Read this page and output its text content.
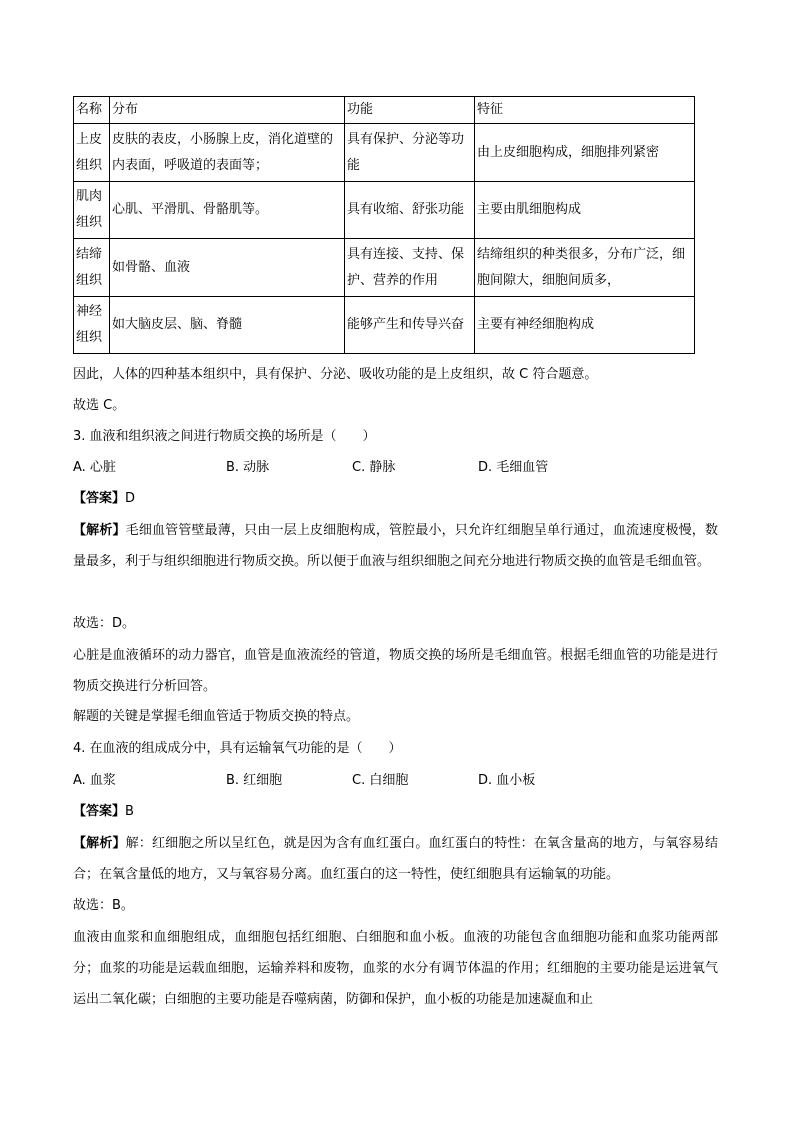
名称	分布	功能	特征
上皮组织	皮肤的表皮，小肠腺上皮，消化道壁的内表面，呼吸道的表面等；	具有保护、分泌等功能	由上皮细胞构成，细胞排列紧密
肌肉组织	心肌、平滑肌、骨骼肌等。	具有收缩、舒张功能	主要由肌细胞构成
结缔组织	如骨骼、血液	具有连接、支持、保护、营养的作用	结缔组织的种类很多，分布广泛，细胞间隙大，细胞间质多，
神经组织	如大脑皮层、脑、脊髓	能够产生和传导兴奋	主要有神经细胞构成
因此，人体的四种基本组织中，具有保护、分泌、吸收功能的是上皮组织，故 C 符合题意。
故选 C。
3. 血液和组织液之间进行物质交换的场所是（　　）
A. 心脏	B. 动脉	C. 静脉	D. 毛细血管
【答案】D
【解析】毛细血管管壁最薄，只由一层上皮细胞构成，管腔最小，只允许红细胞呈单行通过，血流速度极慢，数量最多，利于与组织细胞进行物质交换。所以便于血液与组织细胞之间充分地进行物质交换的血管是毛细血管。
故选：D。
心脏是血液循环的动力器官，血管是血液流经的管道，物质交换的场所是毛细血管。根据毛细血管的功能是进行物质交换进行分析回答。
解题的关键是掌握毛细血管适于物质交换的特点。
4. 在血液的组成成分中，具有运输氧气功能的是（　　）
A. 血浆	B. 红细胞	C. 白细胞	D. 血小板
【答案】B
【解析】解：红细胞之所以呈红色，就是因为含有血红蛋白。血红蛋白的特性：在氧含量高的地方，与氧容易结合；在氧含量低的地方，又与氧容易分离。血红蛋白的这一特性，使红细胞具有运输氧的功能。
故选：B。
血液由血浆和血细胞组成，血细胞包括红细胞、白细胞和血小板。血液的功能包含血细胞功能和血浆功能两部分；血浆的功能是运载血细胞，运输养料和废物，血浆的水分有调节体温的作用；红细胞的主要功能是运进氧气运出二氧化碳；白细胞的主要功能是吞噬病菌，防御和保护，血小板的功能是加速凝血和止
